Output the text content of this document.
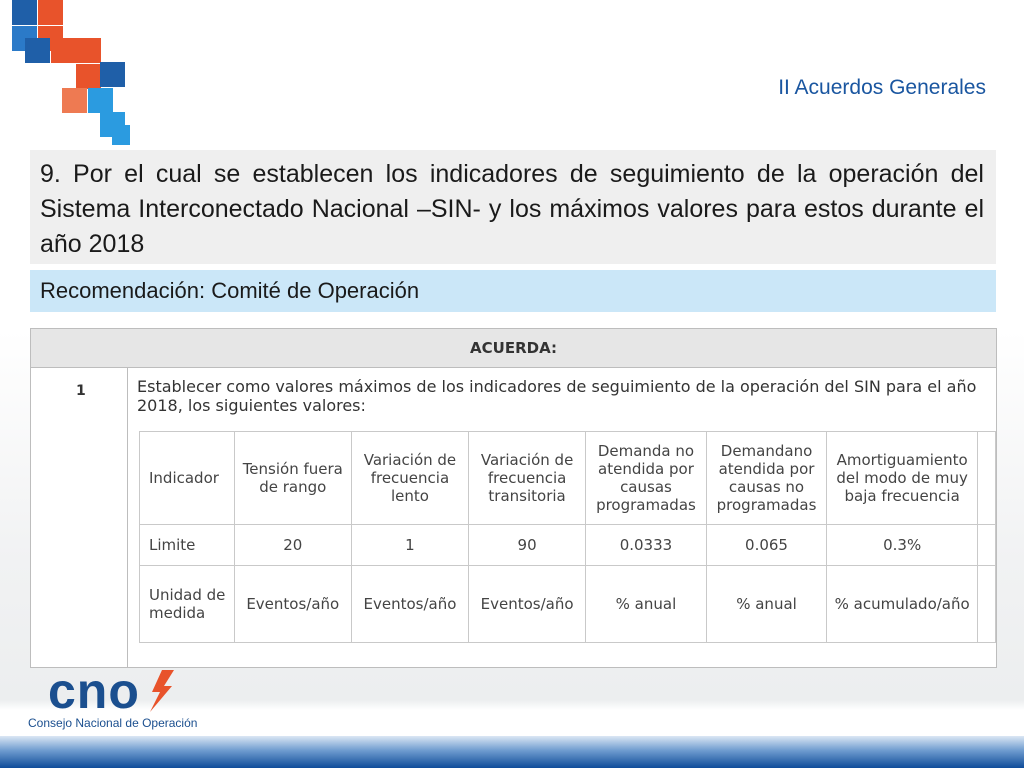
II Acuerdos Generales

9. Por el cual se establecen los indicadores de seguimiento de la operación del Sistema Interconectado Nacional –SIN- y los máximos valores para estos durante el año 2018

Recomendación: Comité de Operación
ACUERDA:
1	Establecer como valores máximos de los indicadores de seguimiento de la operación del SIN para el año 2018, los siguientes valores:
Indicador	Tensión fuera de rango	Variación de frecuencia lento	Variación de frecuencia transitoria	Demanda no atendida por causas programadas	Demandano atendida por causas no programadas	Amortiguamiento del modo de muy baja frecuencia	
Limite	20	1	90	0.0333	0.065	0.3%	
Unidad de medida	Eventos/año	Eventos/año	Eventos/año	% anual	% anual	% acumulado/año	
cno
Consejo Nacional de Operación
